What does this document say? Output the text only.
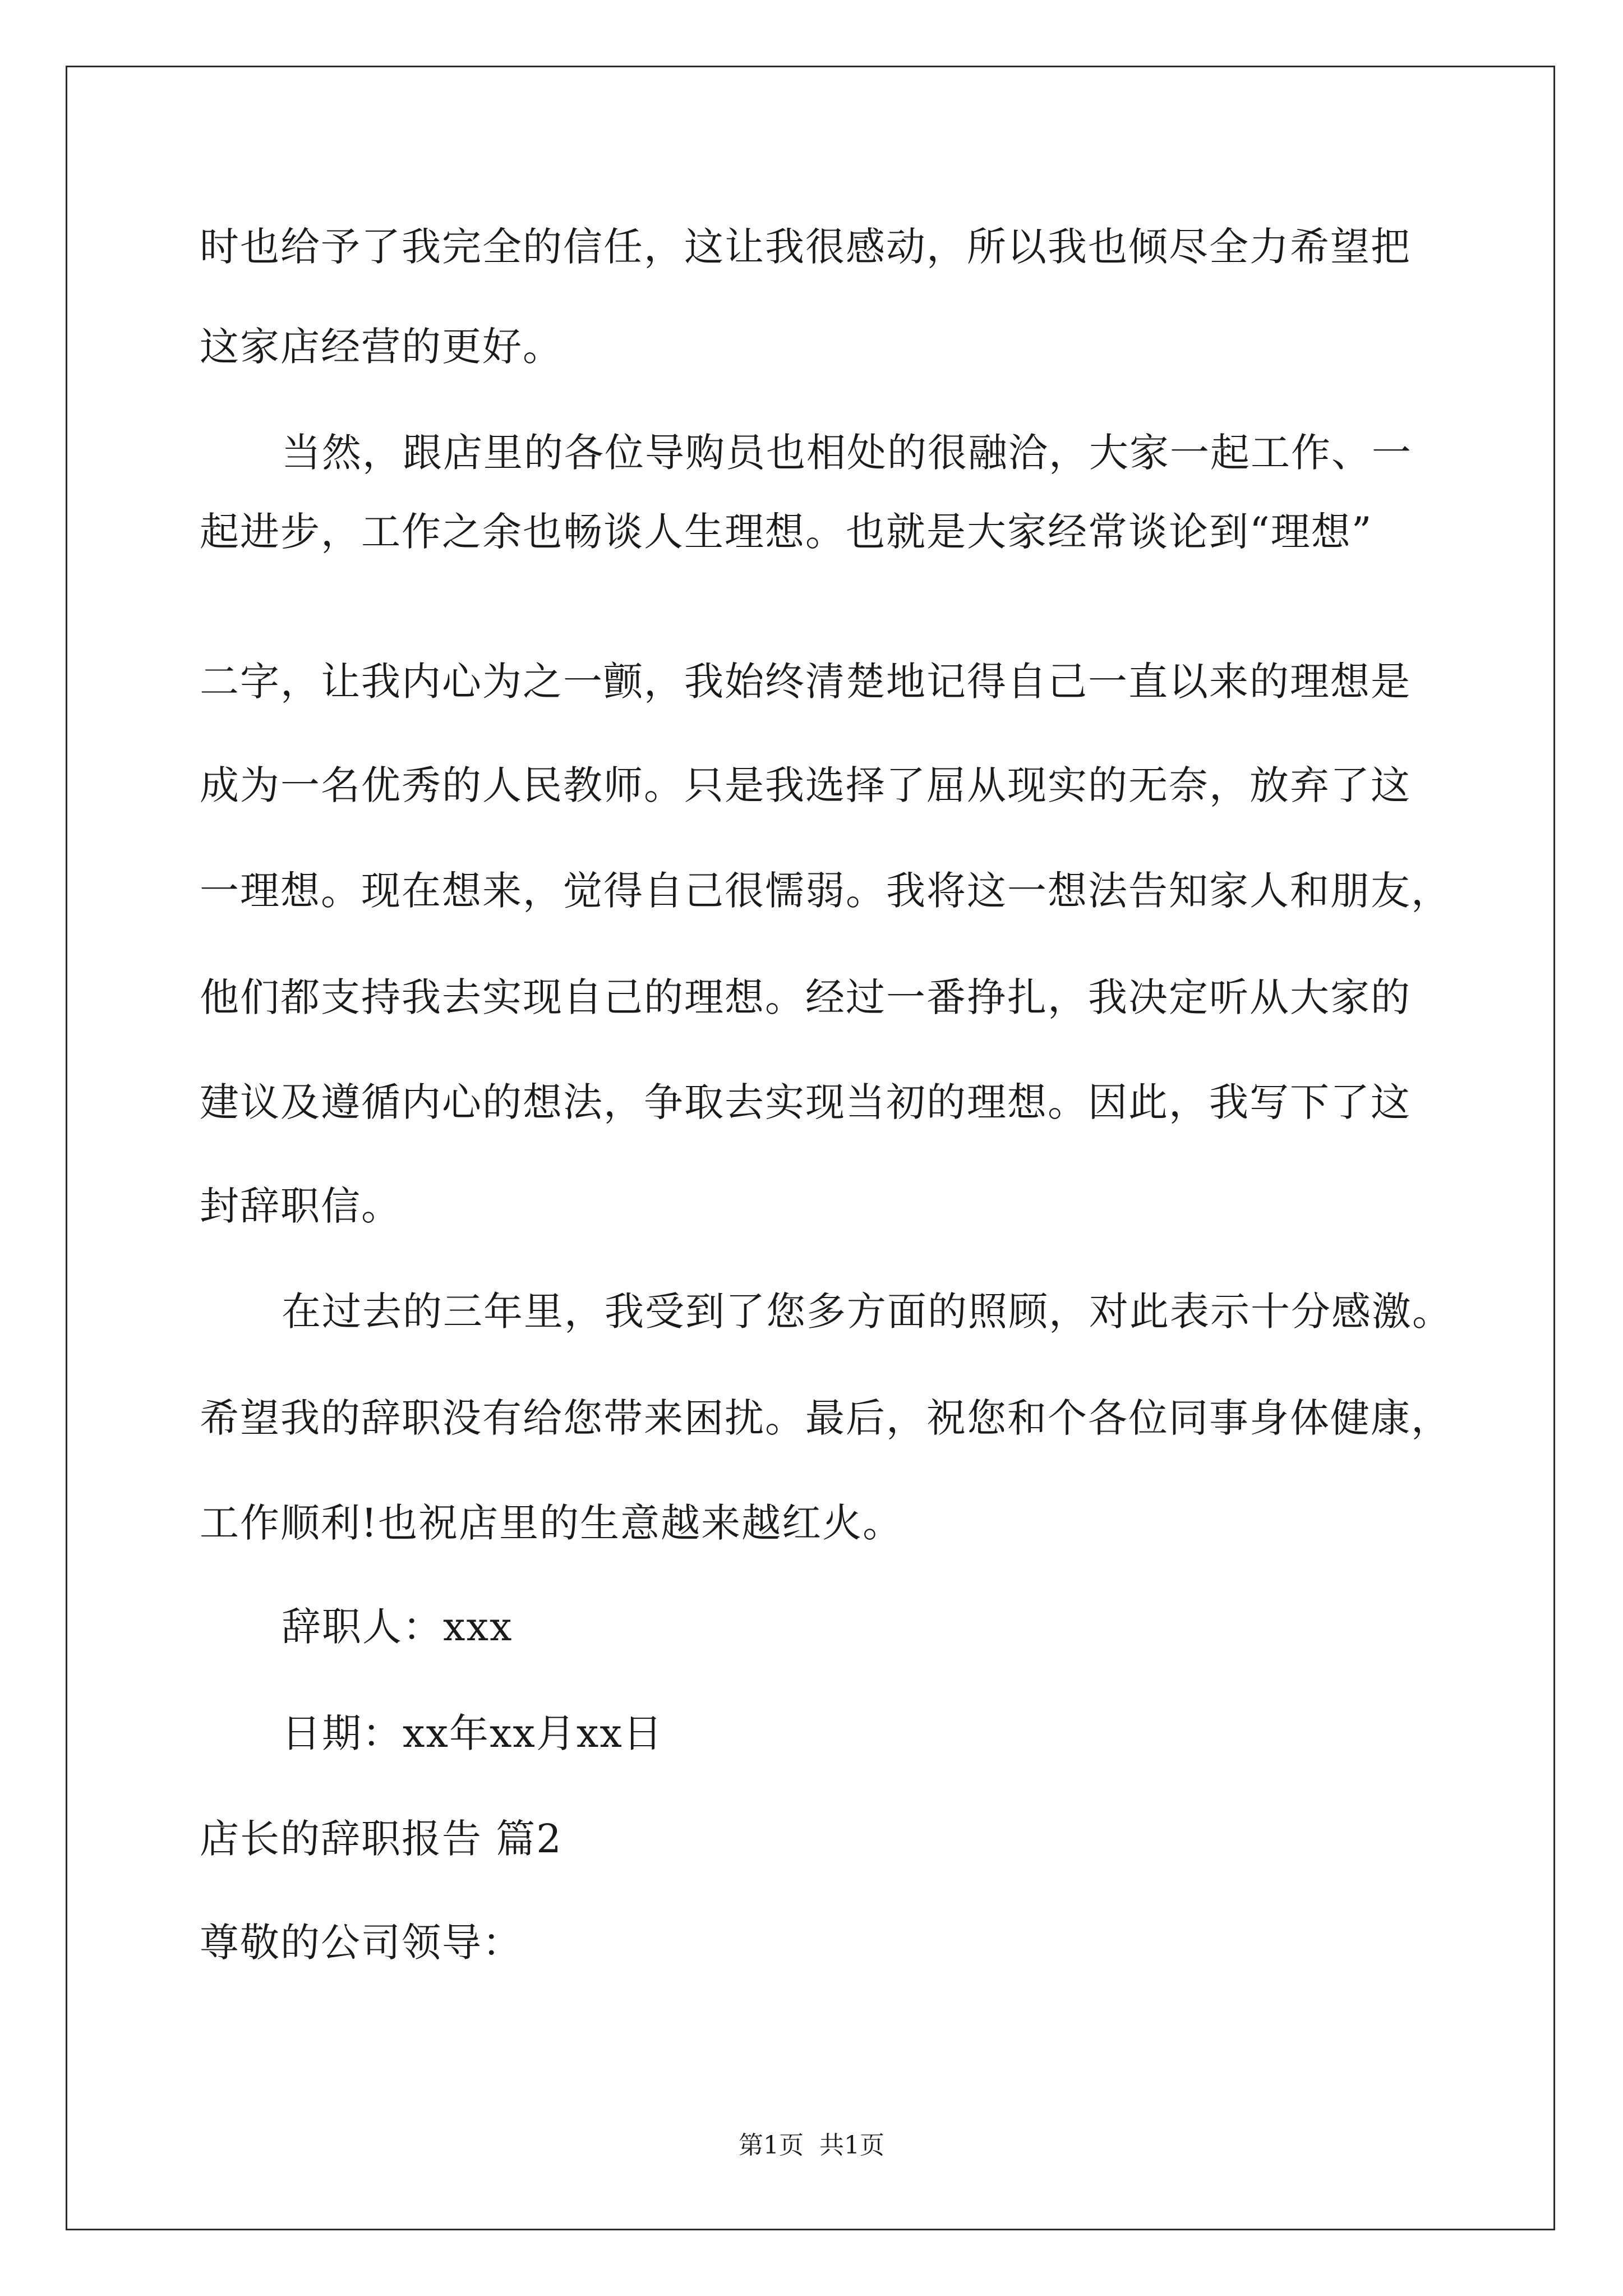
时也给予了我完全的信任，这让我很感动，所以我也倾尽全力希望把
这家店经营的更好。
当然，跟店里的各位导购员也相处的很融洽，大家一起工作、一
起进步，工作之余也畅谈人生理想。也就是大家经常谈论到“理想”
二字，让我内心为之一颤，我始终清楚地记得自己一直以来的理想是
成为一名优秀的人民教师。只是我选择了屈从现实的无奈，放弃了这
一理想。现在想来，觉得自己很懦弱。我将这一想法告知家人和朋友，
他们都支持我去实现自己的理想。经过一番挣扎，我决定听从大家的
建议及遵循内心的想法，争取去实现当初的理想。因此，我写下了这
封辞职信。
在过去的三年里，我受到了您多方面的照顾，对此表示十分感激。
希望我的辞职没有给您带来困扰。最后，祝您和个各位同事身体健康，
工作顺利!也祝店里的生意越来越红火。
辞职人：xxx
日期：xx年xx月xx日
店长的辞职报告 篇2
尊敬的公司领导：
第1页  共1页
